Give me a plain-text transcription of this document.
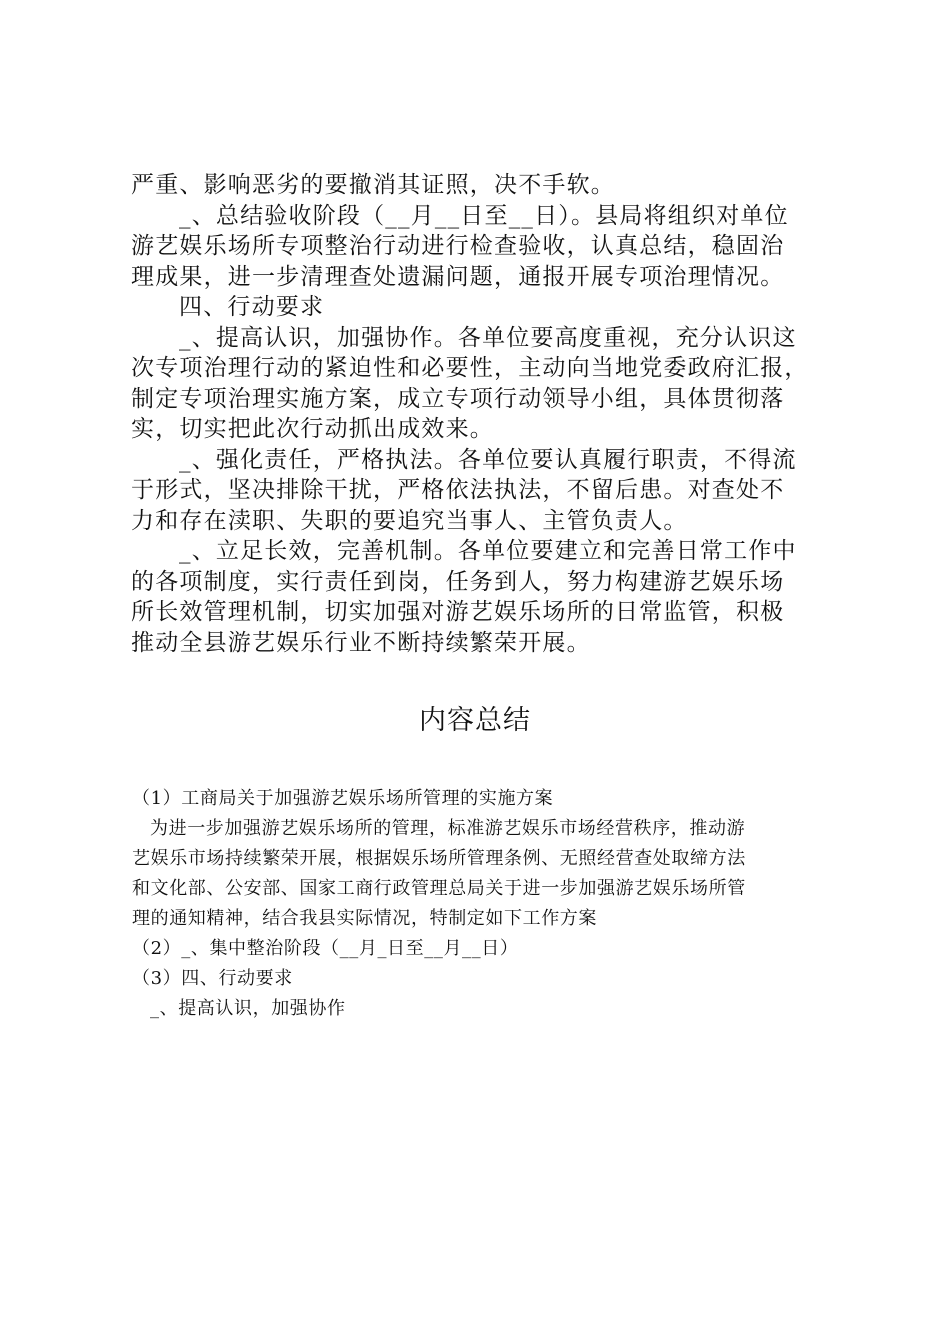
严重、影响恶劣的要撤消其证照，决不手软。
_、总结验收阶段（__月__日至__日）。县局将组织对单位
游艺娱乐场所专项整治行动进行检查验收，认真总结，稳固治
理成果，进一步清理查处遗漏问题，通报开展专项治理情况。
四、行动要求
_、提高认识，加强协作。各单位要高度重视，充分认识这
次专项治理行动的紧迫性和必要性，主动向当地党委政府汇报，
制定专项治理实施方案，成立专项行动领导小组，具体贯彻落
实，切实把此次行动抓出成效来。
_、强化责任，严格执法。各单位要认真履行职责，不得流
于形式，坚决排除干扰，严格依法执法，不留后患。对查处不
力和存在渎职、失职的要追究当事人、主管负责人。
_、立足长效，完善机制。各单位要建立和完善日常工作中
的各项制度，实行责任到岗，任务到人，努力构建游艺娱乐场
所长效管理机制，切实加强对游艺娱乐场所的日常监管，积极
推动全县游艺娱乐行业不断持续繁荣开展。
内容总结
（1）工商局关于加强游艺娱乐场所管理的实施方案
为进一步加强游艺娱乐场所的管理，标准游艺娱乐市场经营秩序，推动游
艺娱乐市场持续繁荣开展，根据娱乐场所管理条例、无照经营查处取缔方法
和文化部、公安部、国家工商行政管理总局关于进一步加强游艺娱乐场所管
理的通知精神，结合我县实际情况，特制定如下工作方案
（2）_、集中整治阶段（__月_日至__月__日）
（3）四、行动要求
_、提高认识，加强协作
